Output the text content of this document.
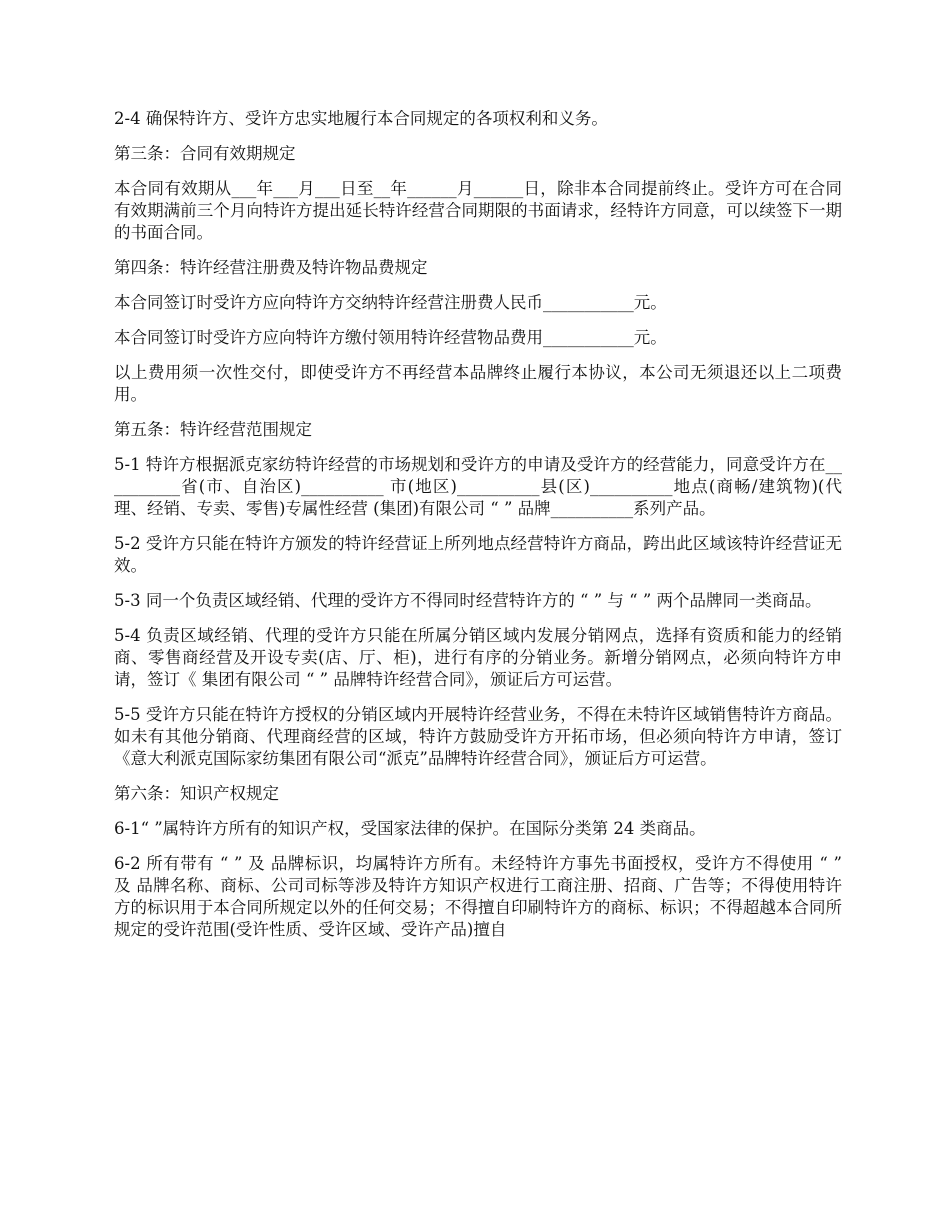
2-4 确保特许方、受许方忠实地履行本合同规定的各项权利和义务。

第三条：合同有效期规定

本合同有效期从___年___月___日至__年______月______日，除非本合同提前终止。受许方可在合同有效期满前三个月向特许方提出延长特许经营合同期限的书面请求，经特许方同意，可以续签下一期的书面合同。

第四条：特许经营注册费及特许物品费规定

本合同签订时受许方应向特许方交纳特许经营注册费人民币___________元。

本合同签订时受许方应向特许方缴付领用特许经营物品费用___________元。

以上费用须一次性交付，即使受许方不再经营本品牌终止履行本协议，本公司无须退还以上二项费用。

第五条：特许经营范围规定

5-1 特许方根据派克家纺特许经营的市场规划和受许方的申请及受许方的经营能力，同意受许方在__________省(市、自治区)__________ 市(地区)__________县(区)__________地点(商畅/建筑物)(代理、经销、专卖、零售)专属性经营 (集团)有限公司 “ ” 品牌__________系列产品。

5-2 受许方只能在特许方颁发的特许经营证上所列地点经营特许方商品，跨出此区域该特许经营证无效。

5-3 同一个负责区域经销、代理的受许方不得同时经营特许方的 “ ” 与 “ ” 两个品牌同一类商品。

5-4 负责区域经销、代理的受许方只能在所属分销区域内发展分销网点，选择有资质和能力的经销商、零售商经营及开设专卖(店、厅、柜)，进行有序的分销业务。新增分销网点，必须向特许方申请，签订《 集团有限公司 “ ” 品牌特许经营合同》，颁证后方可运营。

5-5 受许方只能在特许方授权的分销区域内开展特许经营业务，不得在未特许区域销售特许方商品。如未有其他分销商、代理商经营的区域，特许方鼓励受许方开拓市场，但必须向特许方申请，签订《意大利派克国际家纺集团有限公司“派克”品牌特许经营合同》，颁证后方可运营。

第六条：知识产权规定

6-1“ ”属特许方所有的知识产权，受国家法律的保护。在国际分类第 24 类商品。

6-2 所有带有 “ ” 及 品牌标识，均属特许方所有。未经特许方事先书面授权，受许方不得使用 “ ” 及 品牌名称、商标、公司司标等涉及特许方知识产权进行工商注册、招商、广告等；不得使用特许方的标识用于本合同所规定以外的任何交易；不得擅自印刷特许方的商标、标识；不得超越本合同所规定的受许范围(受许性质、受许区域、受许产品)擅自
